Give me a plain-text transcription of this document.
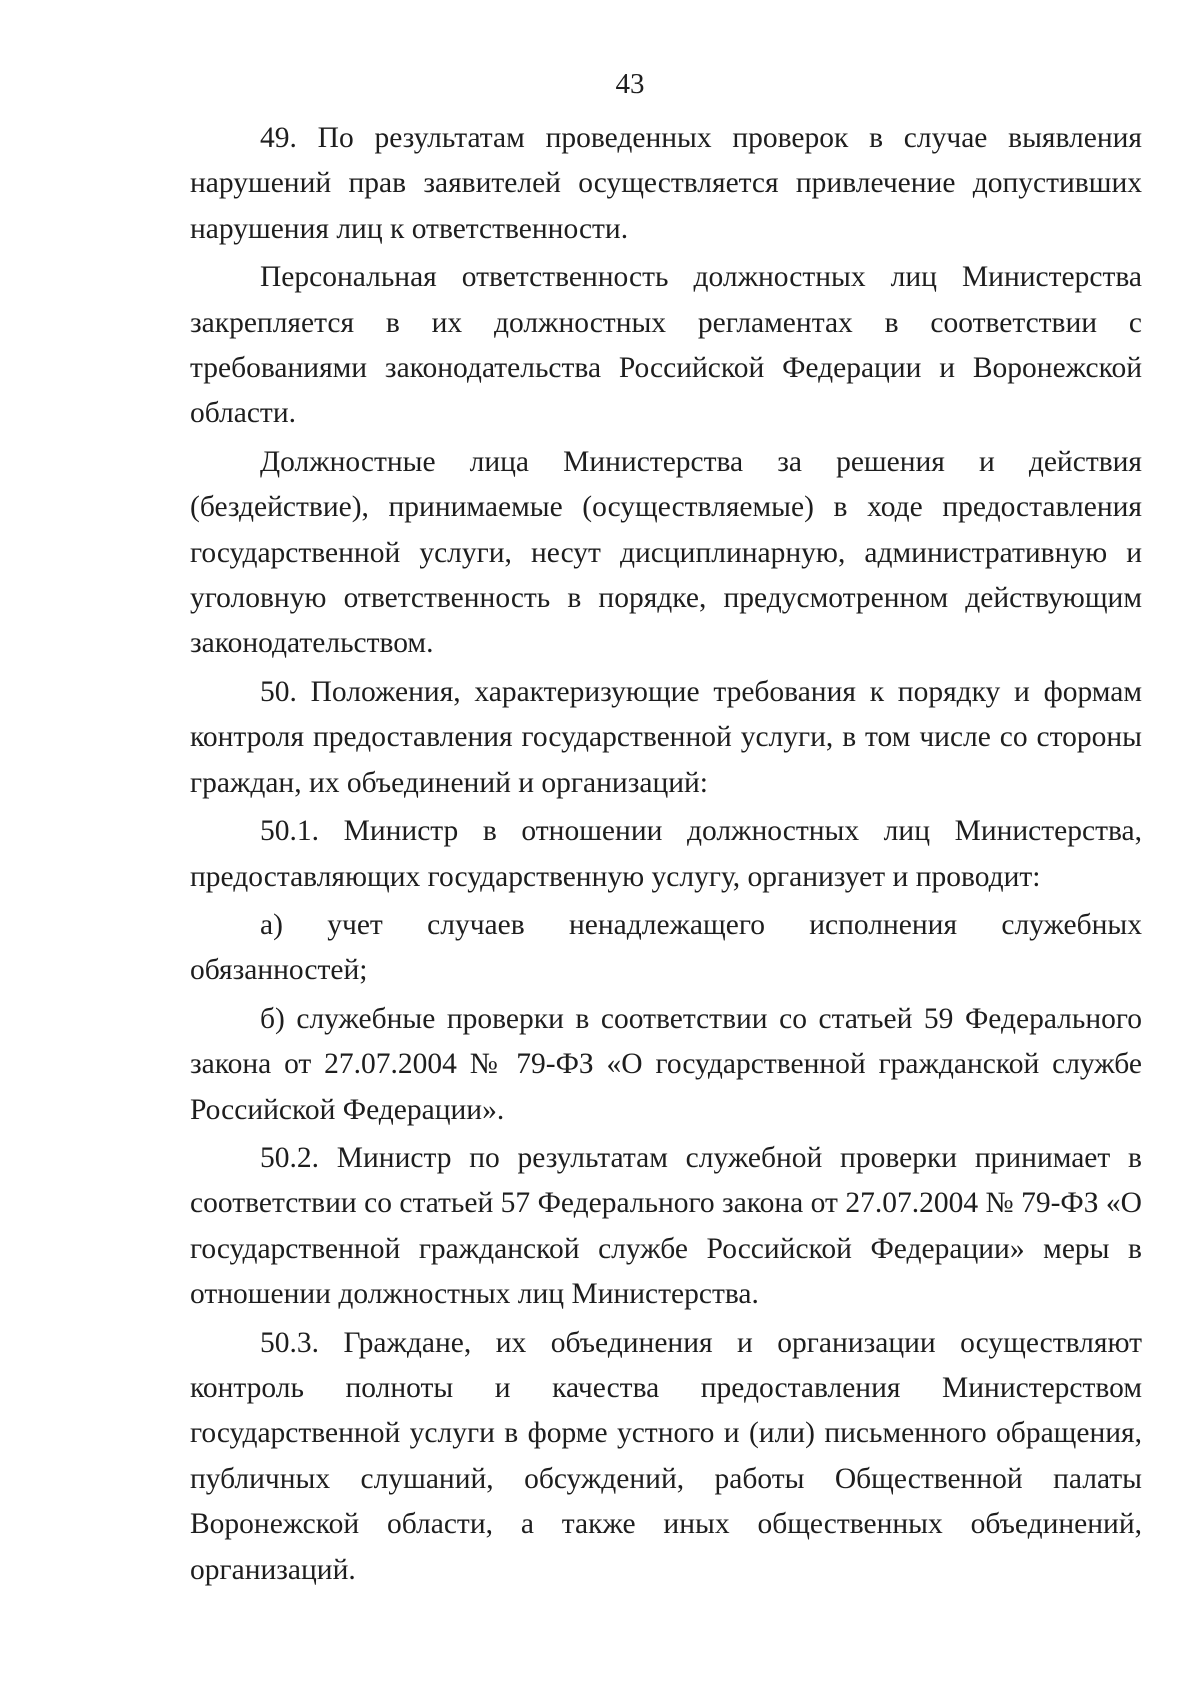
43

49. По результатам проведенных проверок в случае выявления нарушений прав заявителей осуществляется привлечение допустивших нарушения лиц к ответственности.

Персональная ответственность должностных лиц Министерства закрепляется в их должностных регламентах в соответствии с требованиями законодательства Российской Федерации и Воронежской области.

Должностные лица Министерства за решения и действия (бездействие), принимаемые (осуществляемые) в ходе предоставления государственной услуги, несут дисциплинарную, административную и уголовную ответственность в порядке, предусмотренном действующим законодательством.

50. Положения, характеризующие требования к порядку и формам контроля предоставления государственной услуги, в том числе со стороны граждан, их объединений и организаций:

50.1. Министр в отношении должностных лиц Министерства, предоставляющих государственную услугу, организует и проводит:

а) учет случаев ненадлежащего исполнения служебных обязанностей;

б) служебные проверки в соответствии со статьей 59 Федерального закона от 27.07.2004 № 79-ФЗ «О государственной гражданской службе Российской Федерации».

50.2. Министр по результатам служебной проверки принимает в соответствии со статьей 57 Федерального закона от 27.07.2004 № 79-ФЗ «О государственной гражданской службе Российской Федерации» меры в отношении должностных лиц Министерства.

50.3. Граждане, их объединения и организации осуществляют контроль полноты и качества предоставления Министерством государственной услуги в форме устного и (или) письменного обращения, публичных слушаний, обсуждений, работы Общественной палаты Воронежской области, а также иных общественных объединений, организаций.
